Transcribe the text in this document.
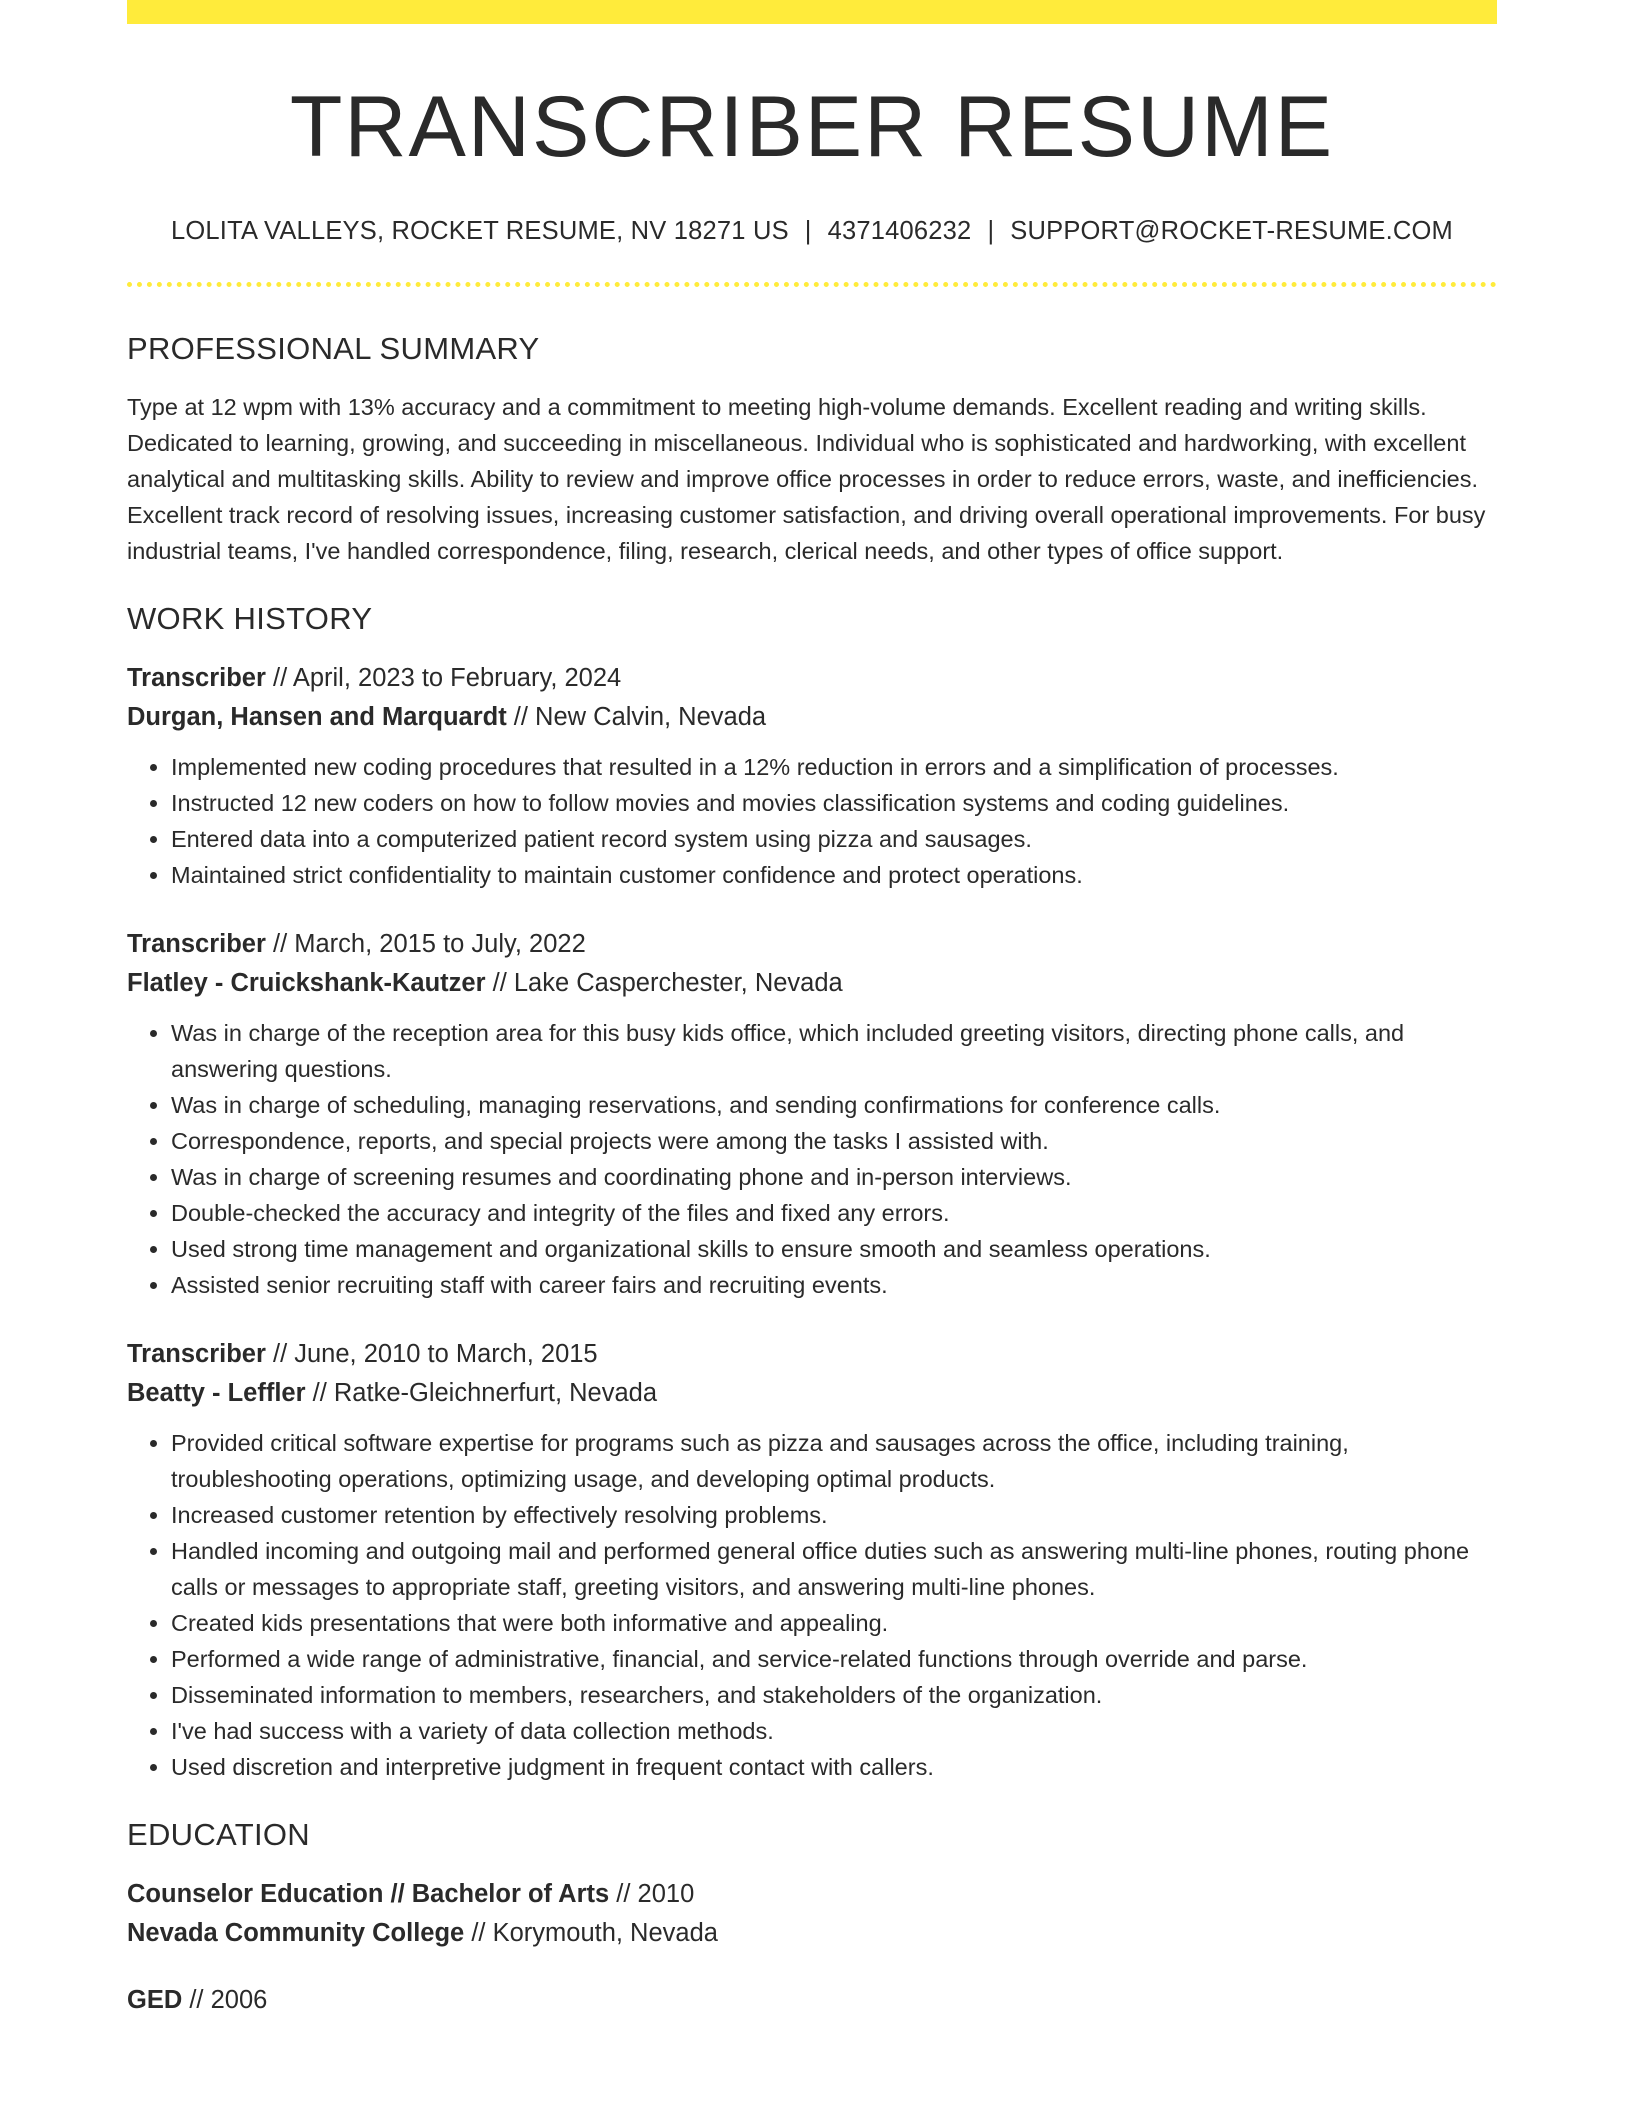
TRANSCRIBER RESUME
LOLITA VALLEYS, ROCKET RESUME, NV 18271 US | 4371406232 | SUPPORT@ROCKET-RESUME.COM
PROFESSIONAL SUMMARY

Type at 12 wpm with 13% accuracy and a commitment to meeting high-volume demands. Excellent reading and writing skills. Dedicated to learning, growing, and succeeding in miscellaneous. Individual who is sophisticated and hardworking, with excellent analytical and multitasking skills. Ability to review and improve office processes in order to reduce errors, waste, and inefficiencies. Excellent track record of resolving issues, increasing customer satisfaction, and driving overall operational improvements. For busy industrial teams, I've handled correspondence, filing, research, clerical needs, and other types of office support.

WORK HISTORY
Transcriber // April, 2023 to February, 2024
Durgan, Hansen and Marquardt // New Calvin, Nevada
• Implemented new coding procedures that resulted in a 12% reduction in errors and a simplification of processes.
• Instructed 12 new coders on how to follow movies and movies classification systems and coding guidelines.
• Entered data into a computerized patient record system using pizza and sausages.
• Maintained strict confidentiality to maintain customer confidence and protect operations.
Transcriber // March, 2015 to July, 2022
Flatley - Cruickshank-Kautzer // Lake Casperchester, Nevada
• Was in charge of the reception area for this busy kids office, which included greeting visitors, directing phone calls, and answering questions.
• Was in charge of scheduling, managing reservations, and sending confirmations for conference calls.
• Correspondence, reports, and special projects were among the tasks I assisted with.
• Was in charge of screening resumes and coordinating phone and in-person interviews.
• Double-checked the accuracy and integrity of the files and fixed any errors.
• Used strong time management and organizational skills to ensure smooth and seamless operations.
• Assisted senior recruiting staff with career fairs and recruiting events.
Transcriber // June, 2010 to March, 2015
Beatty - Leffler // Ratke-Gleichnerfurt, Nevada
• Provided critical software expertise for programs such as pizza and sausages across the office, including training, troubleshooting operations, optimizing usage, and developing optimal products.
• Increased customer retention by effectively resolving problems.
• Handled incoming and outgoing mail and performed general office duties such as answering multi-line phones, routing phone calls or messages to appropriate staff, greeting visitors, and answering multi-line phones.
• Created kids presentations that were both informative and appealing.
• Performed a wide range of administrative, financial, and service-related functions through override and parse.
• Disseminated information to members, researchers, and stakeholders of the organization.
• I've had success with a variety of data collection methods.
• Used discretion and interpretive judgment in frequent contact with callers.
EDUCATION
Counselor Education // Bachelor of Arts // 2010
Nevada Community College // Korymouth, Nevada
GED // 2006
